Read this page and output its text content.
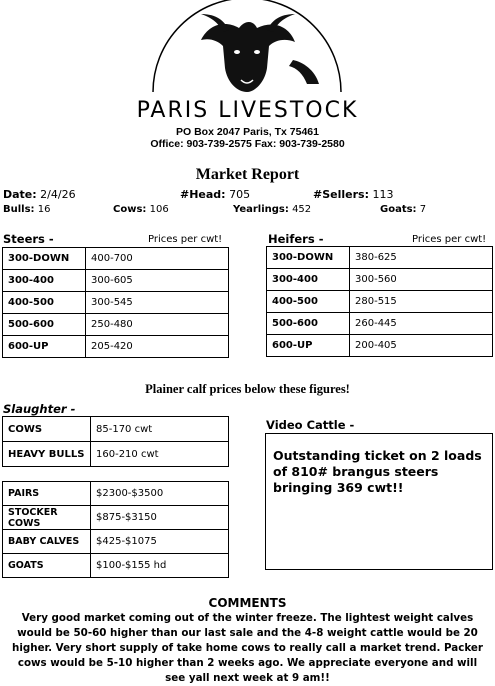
PARIS LIVESTOCK
PO Box 2047 Paris, Tx 75461
Office: 903-739-2575 Fax: 903-739-2580
Market Report
Date: 2/4/26	#Head: 705	#Sellers: 113
Bulls: 16	Cows: 106	Yearlings: 452	Goats: 7
Steers -	Prices per cwt!
300-DOWN	400-700
300-400	300-605
400-500	300-545
500-600	250-480
600-UP	205-420
Heifers -	Prices per cwt!
300-DOWN	380-625
300-400	300-560
400-500	280-515
500-600	260-445
600-UP	200-405
Plainer calf prices below these figures!
Slaughter -
COWS	85-170 cwt
HEAVY BULLS	160-210 cwt
PAIRS	$2300-$3500
STOCKER COWS	$875-$3150
BABY CALVES	$425-$1075
GOATS	$100-$155 hd
Video Cattle -
Outstanding ticket on 2 loads of 810# brangus steers bringing 369 cwt!!
COMMENTS
Very good market coming out of the winter freeze. The lightest weight calves would be 50-60 higher than our last sale and the 4-8 weight cattle would be 20 higher. Very short supply of take home cows to really call a market trend. Packer cows would be 5-10 higher than 2 weeks ago. We appreciate everyone and will see yall next week at 9 am!!
